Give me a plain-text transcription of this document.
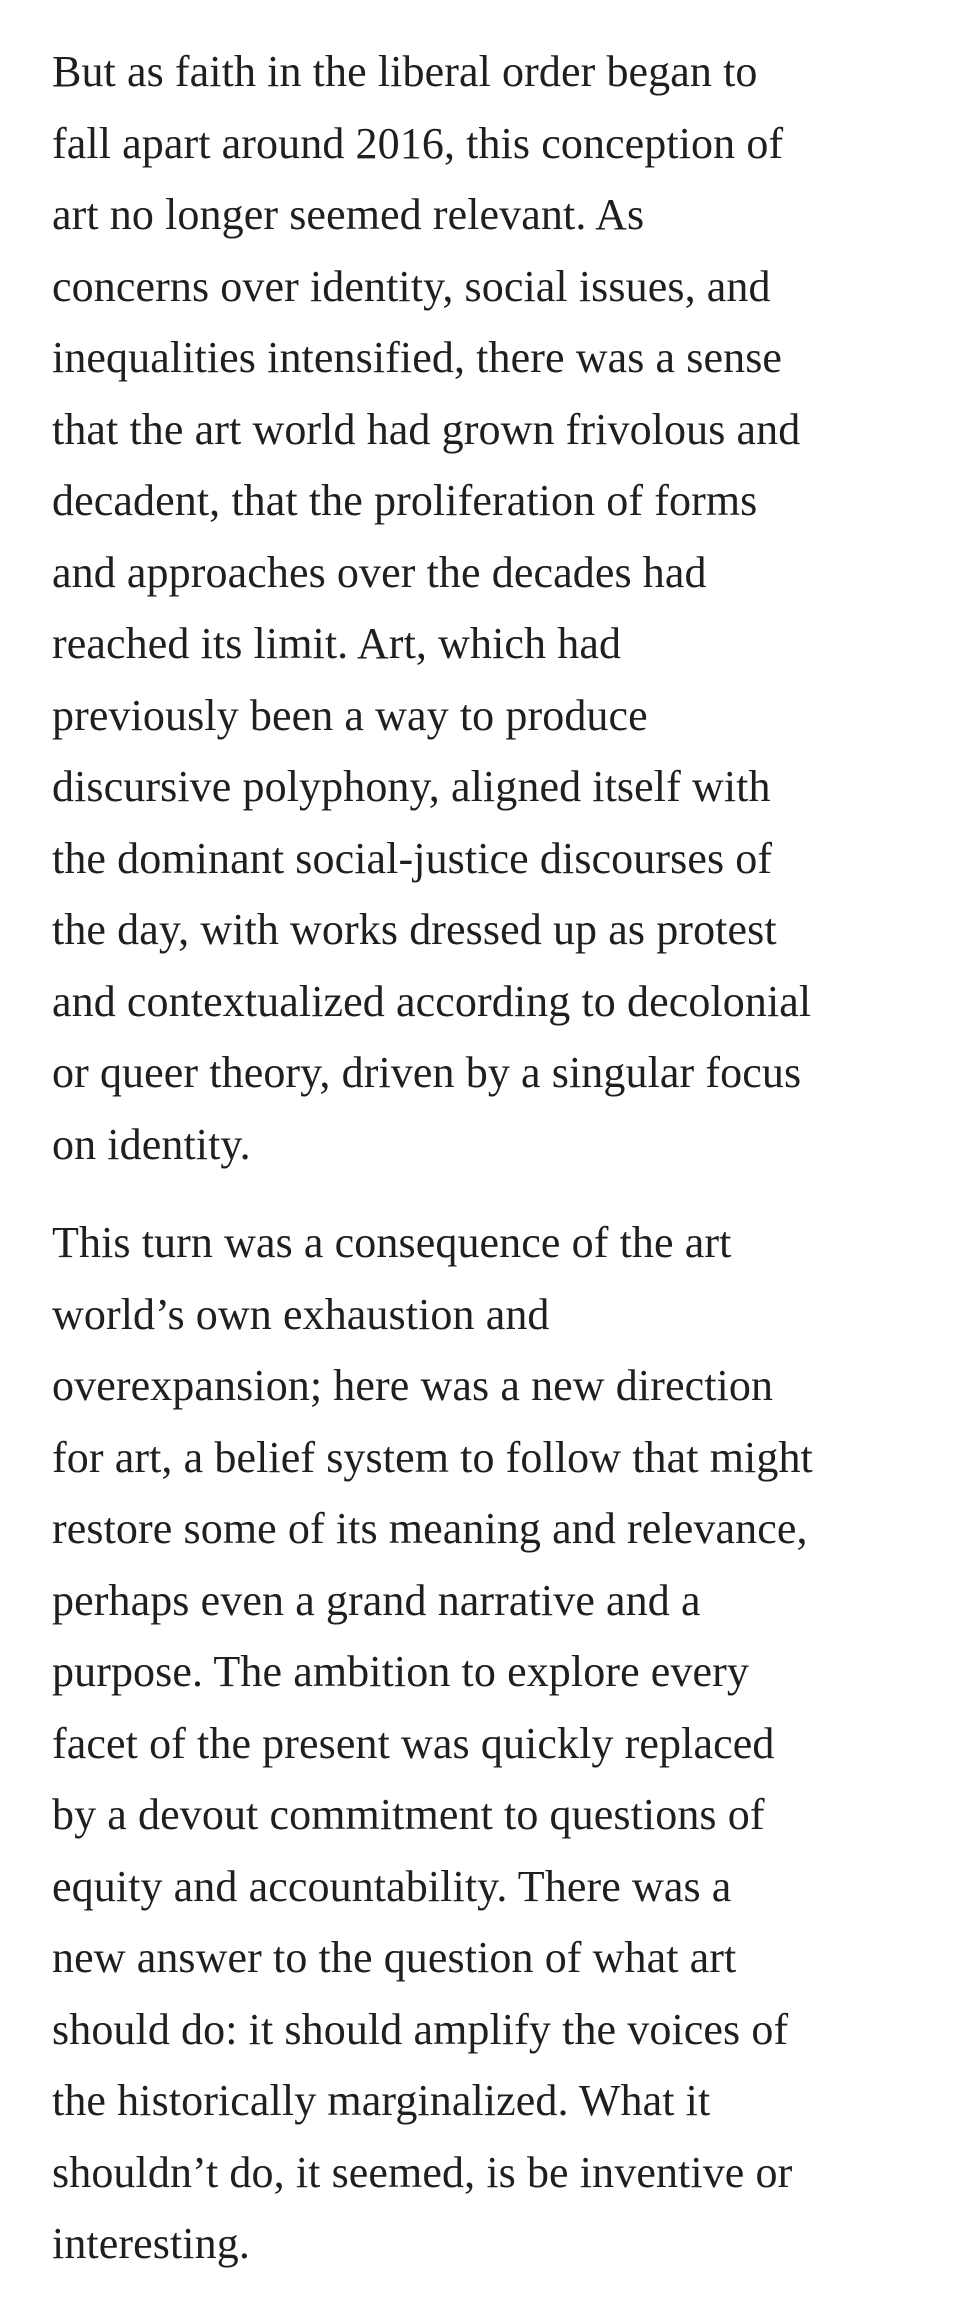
But as faith in the liberal order began to
fall apart around 2016, this conception of
art no longer seemed relevant. As
concerns over identity, social issues, and
inequalities intensified, there was a sense
that the art world had grown frivolous and
decadent, that the proliferation of forms
and approaches over the decades had
reached its limit. Art, which had
previously been a way to produce
discursive polyphony, aligned itself with
the dominant social-justice discourses of
the day, with works dressed up as protest
and contextualized according to decolonial
or queer theory, driven by a singular focus
on identity.

This turn was a consequence of the art
world’s own exhaustion and
overexpansion; here was a new direction
for art, a belief system to follow that might
restore some of its meaning and relevance,
perhaps even a grand narrative and a
purpose. The ambition to explore every
facet of the present was quickly replaced
by a devout commitment to questions of
equity and accountability. There was a
new answer to the question of what art
should do: it should amplify the voices of
the historically marginalized. What it
shouldn’t do, it seemed, is be inventive or
interesting.
